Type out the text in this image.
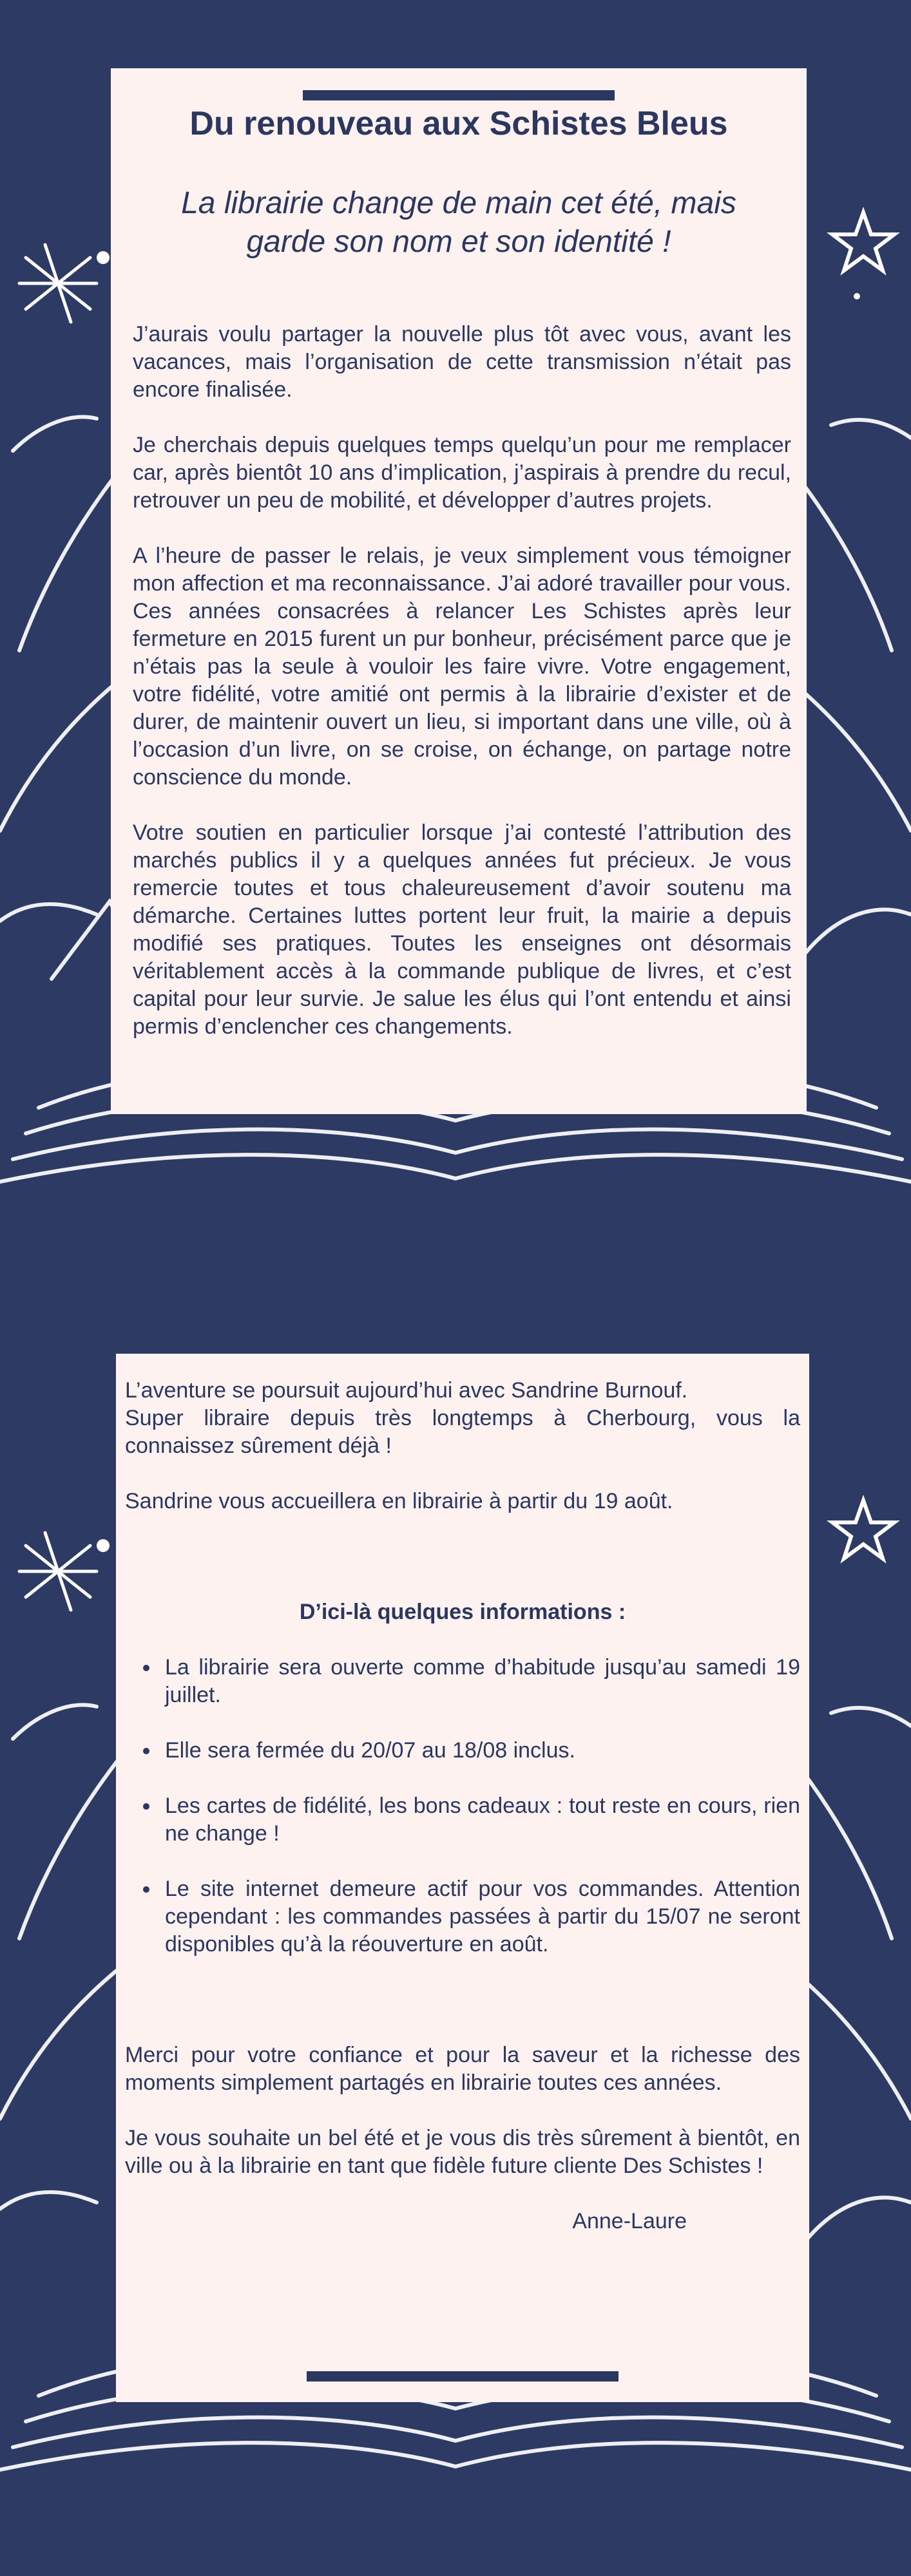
Du renouveau aux Schistes Bleus

La librairie change de main cet été, mais garde son nom et son identité !

J’aurais voulu partager la nouvelle plus tôt avec vous, avant les vacances, mais l’organisation de cette transmission n’était pas encore finalisée.

Je cherchais depuis quelques temps quelqu’un pour me remplacer car, après bientôt 10 ans d’implication, j’aspirais à prendre du recul, retrouver un peu de mobilité, et développer d’autres projets.

A l’heure de passer le relais, je veux simplement vous témoigner mon affection et ma reconnaissance. J’ai adoré travailler pour vous. Ces années consacrées à relancer Les Schistes après leur fermeture en 2015 furent un pur bonheur, précisément parce que je n’étais pas la seule à vouloir les faire vivre. Votre engagement, votre fidélité, votre amitié ont permis à la librairie d’exister et de durer, de maintenir ouvert un lieu, si important dans une ville, où à l’occasion d’un livre, on se croise, on échange, on partage notre conscience du monde.

Votre soutien en particulier lorsque j’ai contesté l’attribution des marchés publics il y a quelques années fut précieux. Je vous remercie toutes et tous chaleureusement d’avoir soutenu ma démarche. Certaines luttes portent leur fruit, la mairie a depuis modifié ses pratiques. Toutes les enseignes ont désormais véritablement accès à la commande publique de livres, et c’est capital pour leur survie. Je salue les élus qui l’ont entendu et ainsi permis d’enclencher ces changements.

L’aventure se poursuit aujourd’hui avec Sandrine Burnouf.

Super libraire depuis très longtemps à Cherbourg, vous la connaissez sûrement déjà !

Sandrine vous accueillera en librairie à partir du 19 août.

D’ici-là quelques informations :

La librairie sera ouverte comme d’habitude jusqu’au samedi 19 juillet.
Elle sera fermée du 20/07 au 18/08 inclus.
Les cartes de fidélité, les bons cadeaux : tout reste en cours, rien ne change !
Le site internet demeure actif pour vos commandes. Attention cependant : les commandes passées à partir du 15/07 ne seront disponibles qu’à la réouverture en août.

Merci pour votre confiance et pour la saveur et la richesse des moments simplement partagés en librairie toutes ces années.

Je vous souhaite un bel été et je vous dis très sûrement à bientôt, en ville ou à la librairie en tant que fidèle future cliente Des Schistes !

Anne-Laure
